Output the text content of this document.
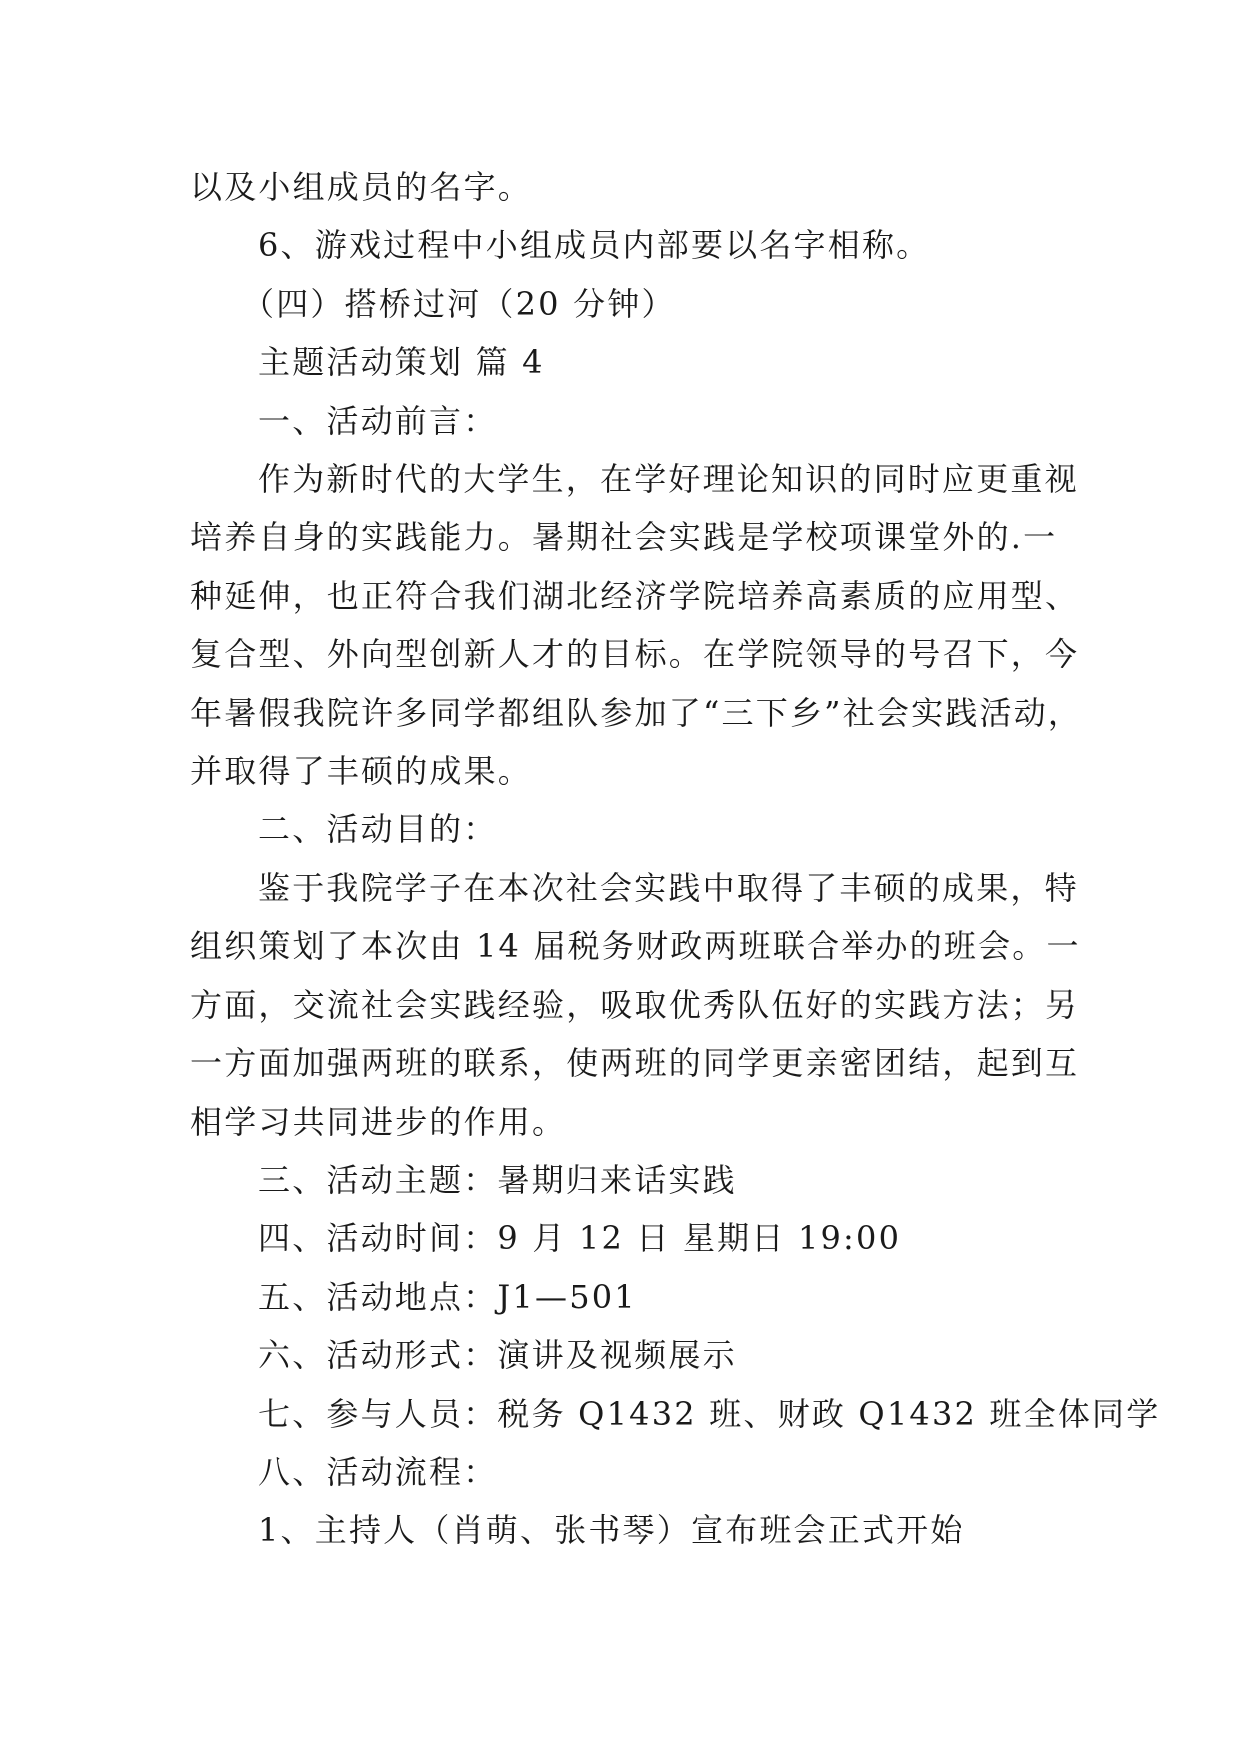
以及小组成员的名字。

6、游戏过程中小组成员内部要以名字相称。

（四）搭桥过河（20 分钟）

主题活动策划 篇 4

一、活动前言：

作为新时代的大学生，在学好理论知识的同时应更重视

培养自身的实践能力。暑期社会实践是学校项课堂外的.一

种延伸，也正符合我们湖北经济学院培养高素质的应用型、

复合型、外向型创新人才的目标。在学院领导的号召下，今

年暑假我院许多同学都组队参加了“三下乡”社会实践活动，

并取得了丰硕的成果。

二、活动目的：

鉴于我院学子在本次社会实践中取得了丰硕的成果，特

组织策划了本次由 14 届税务财政两班联合举办的班会。一

方面，交流社会实践经验，吸取优秀队伍好的实践方法；另

一方面加强两班的联系，使两班的同学更亲密团结，起到互

相学习共同进步的作用。

三、活动主题：暑期归来话实践

四、活动时间：9 月 12 日 星期日 19:00

五、活动地点：J1—501

六、活动形式：演讲及视频展示

七、参与人员：税务 Q1432 班、财政 Q1432 班全体同学

八、活动流程：

1、主持人（肖萌、张书琴）宣布班会正式开始
